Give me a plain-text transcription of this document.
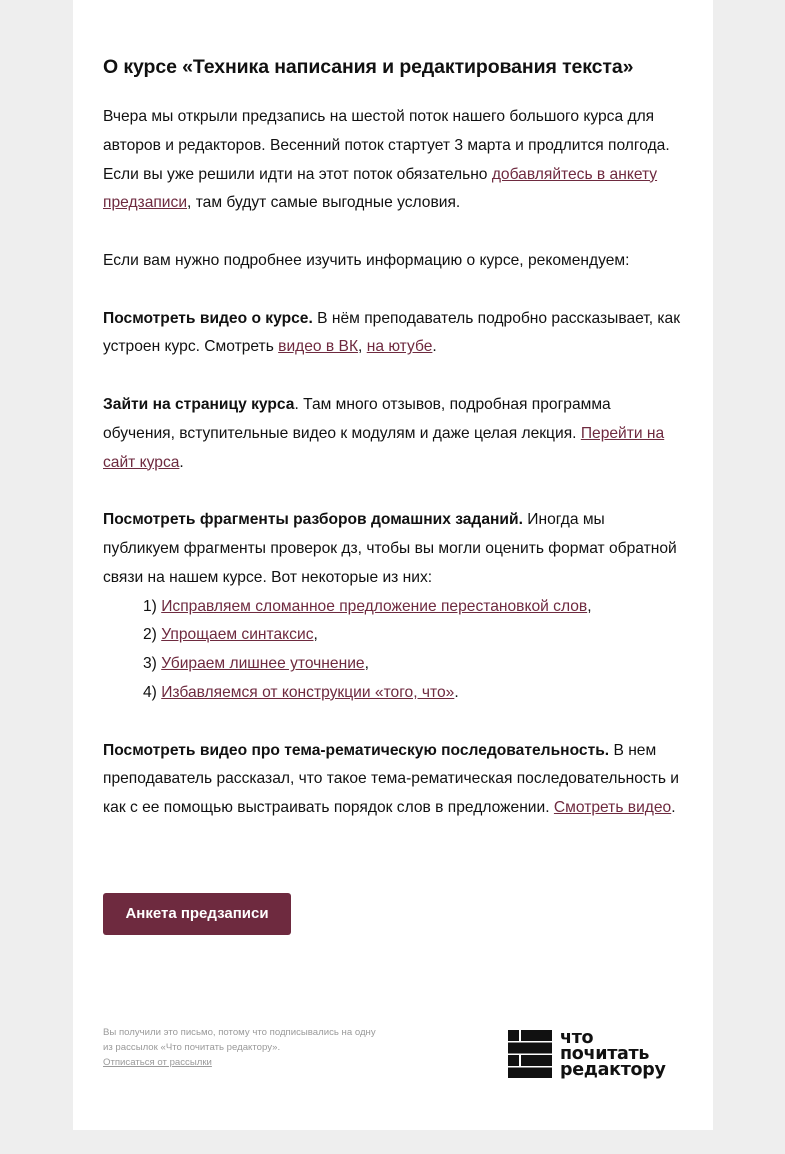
О курсе «Техника написания и редактирования текста»

Вчера мы открыли предзапись на шестой поток нашего большого курса для авторов и редакторов. Весенний поток стартует 3 марта и продлится полгода. Если вы уже решили идти на этот поток обязательно добавляйтесь в анкету предзаписи, там будут самые выгодные условия.

Если вам нужно подробнее изучить информацию о курсе, рекомендуем:

Посмотреть видео о курсе. В нём преподаватель подробно рассказывает, как устроен курс. Смотреть видео в ВК, на ютубе.

Зайти на страницу курса. Там много отзывов, подробная программа обучения, вступительные видео к модулям и даже целая лекция. Перейти на сайт курса.

Посмотреть фрагменты разборов домашних заданий. Иногда мы публикуем фрагменты проверок дз, чтобы вы могли оценить формат обратной связи на нашем курсе. Вот некоторые из них:

1) Исправляем сломанное предложение перестановкой слов,
2) Упрощаем синтаксис,
3) Убираем лишнее уточнение,
4) Избавляемся от конструкции «того, что».

Посмотреть видео про тема-рематическую последовательность. В нем преподаватель рассказал, что такое тема-рематическая последовательность и как с ее помощью выстраивать порядок слов в предложении. Смотреть видео.

Анкета предзаписи
Вы получили это письмо, потому что подписывались на одну из рассылок «Что почитать редактору».
Отписаться от рассылки
что
почитать
редактору
